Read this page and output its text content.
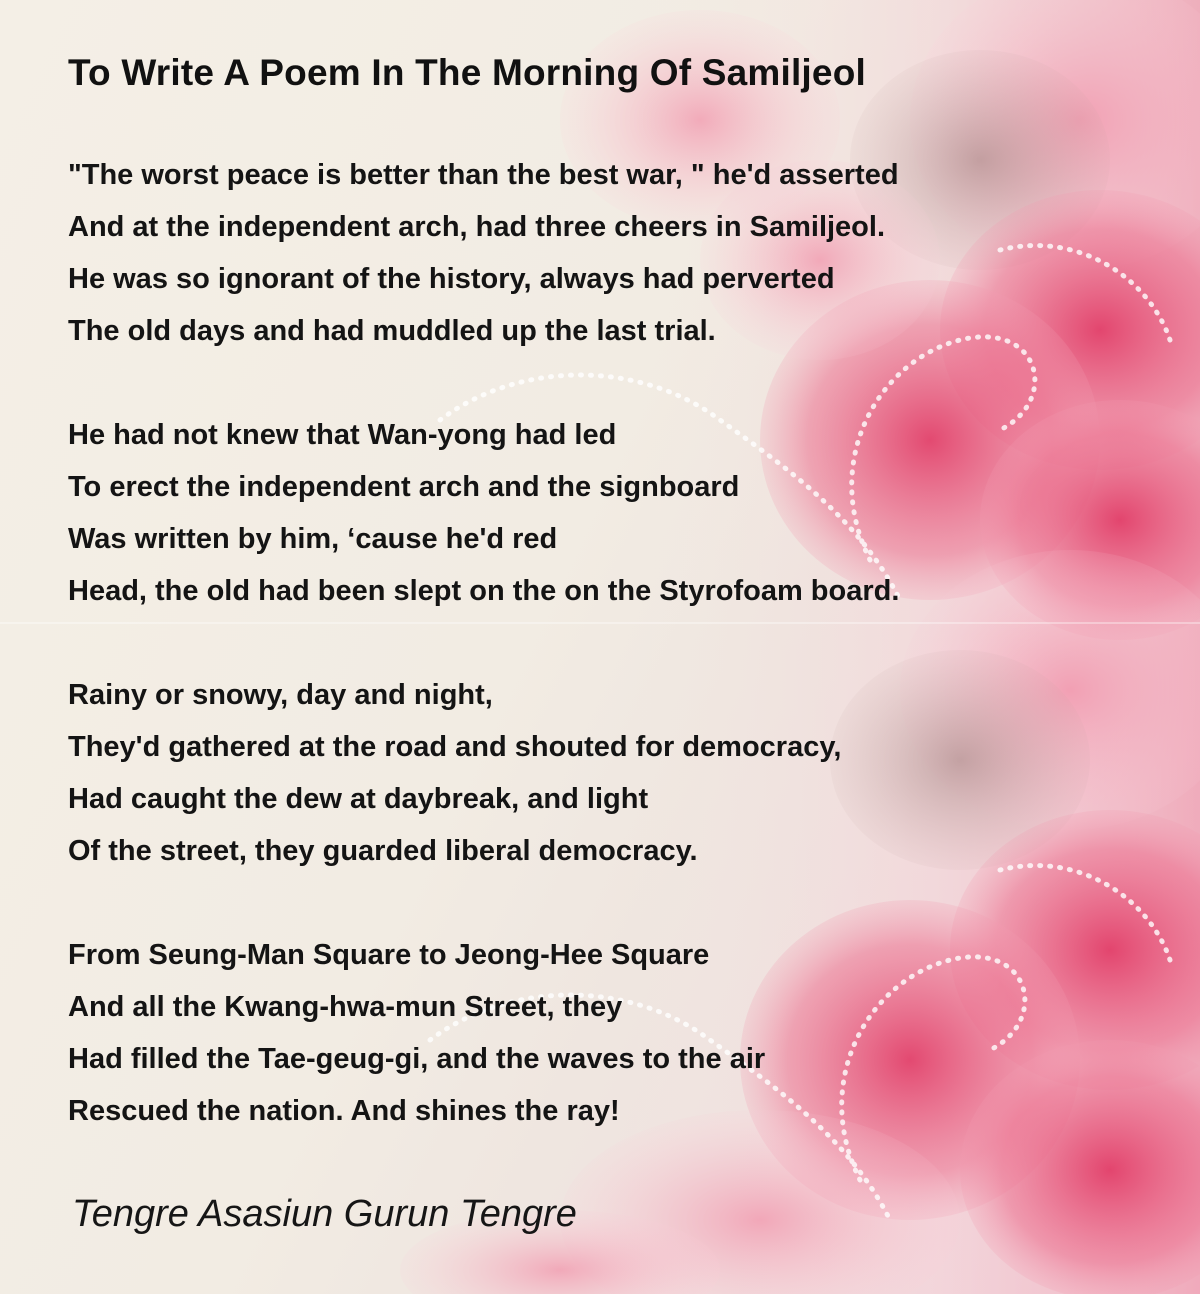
To Write A Poem In The Morning Of Samiljeol
"The worst peace is better than the best war, " he'd asserted
And at the independent arch, had three cheers in Samiljeol.
He was so ignorant of the history, always had perverted
The old days and had muddled up the last trial.
He had not knew that Wan-yong had led
To erect the independent arch and the signboard
Was written by him, ‘cause he'd red
Head, the old had been slept on the on the Styrofoam board.
Rainy or snowy, day and night,
They'd gathered at the road and shouted for democracy,
Had caught the dew at daybreak, and light
Of the street, they guarded liberal democracy.
From Seung-Man Square to Jeong-Hee Square
And all the Kwang-hwa-mun Street, they
Had filled the Tae-geug-gi, and the waves to the air
Rescued the nation. And shines the ray!

Tengre Asasiun Gurun Tengre
